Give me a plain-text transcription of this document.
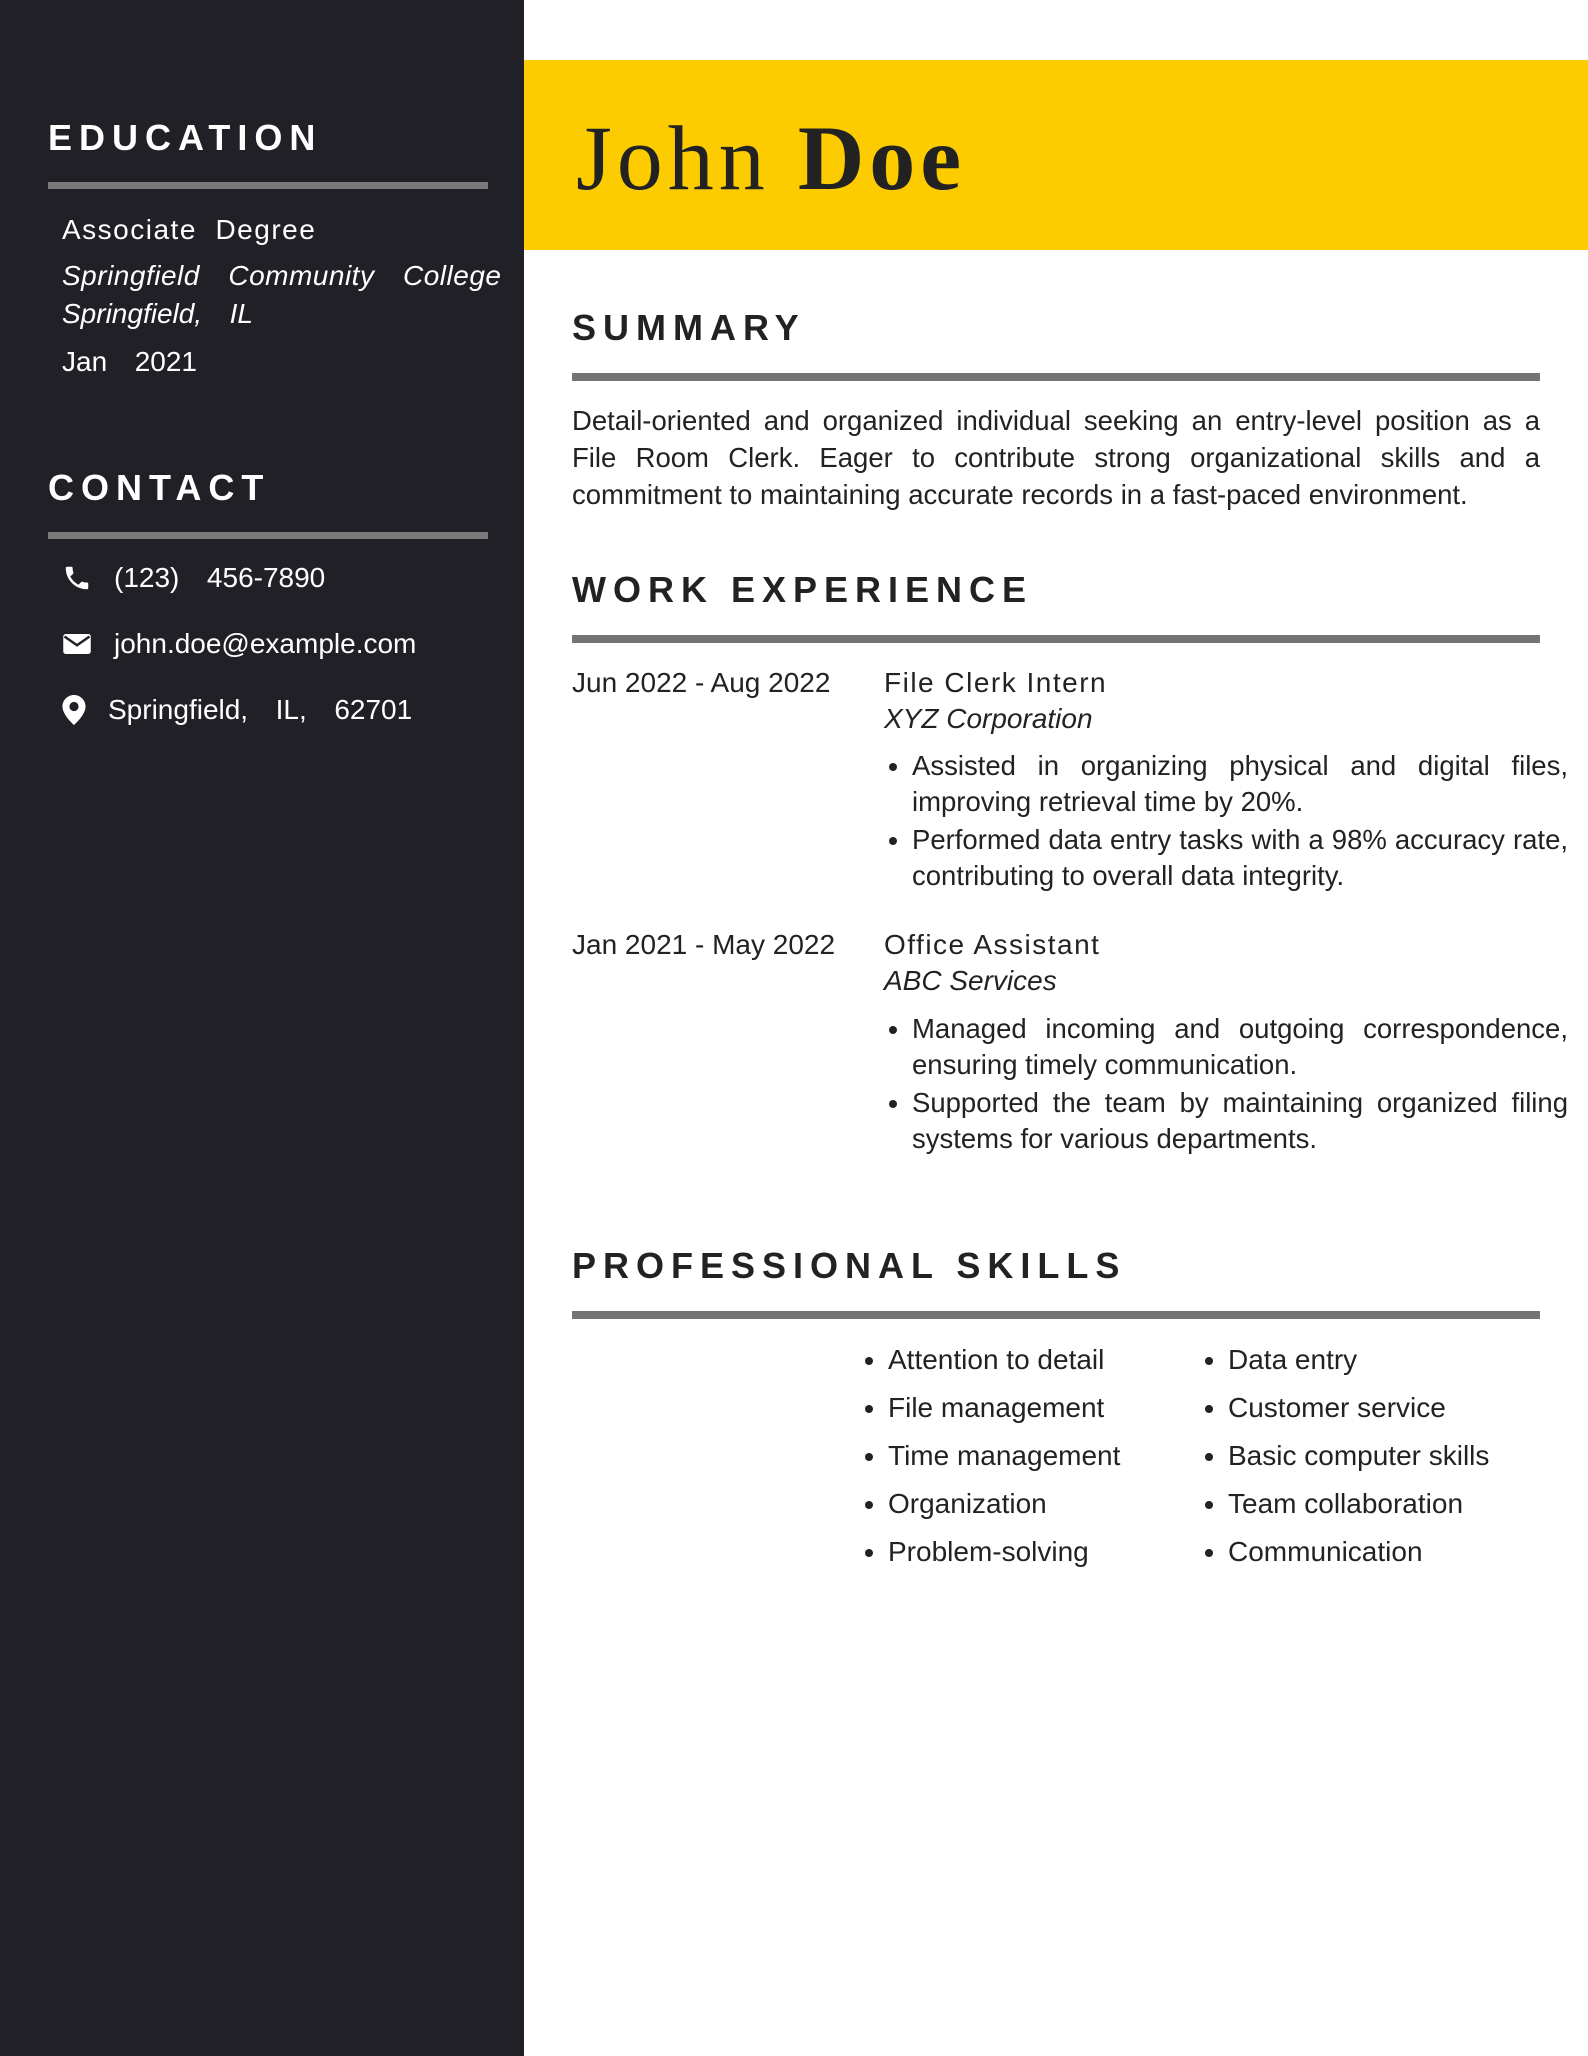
EDUCATION
Associate  Degree
Springfield  Community  College
Springfield,  IL
Jan  2021
CONTACT
(123)  456-7890
john.doe@example.com
Springfield,  IL,  62701
John Doe
SUMMARY

Detail-oriented and organized individual seeking an entry-level position as a File Room Clerk. Eager to contribute strong organizational skills and a commitment to maintaining accurate records in a fast-paced environment.

WORK EXPERIENCE
Jun 2022 - Aug 2022 File Clerk Intern
XYZ Corporation
• Assisted in organizing physical and digital files, improving retrieval time by 20%.
• Performed data entry tasks with a 98% accuracy rate, contributing to overall data integrity.
Jan 2021 - May 2022 Office Assistant
ABC Services
• Managed incoming and outgoing correspondence, ensuring timely communication.
• Supported the team by maintaining organized filing systems for various departments.
PROFESSIONAL SKILLS
• Attention to detail
• File management
• Time management
• Organization
• Problem-solving
• Data entry
• Customer service
• Basic computer skills
• Team collaboration
• Communication
